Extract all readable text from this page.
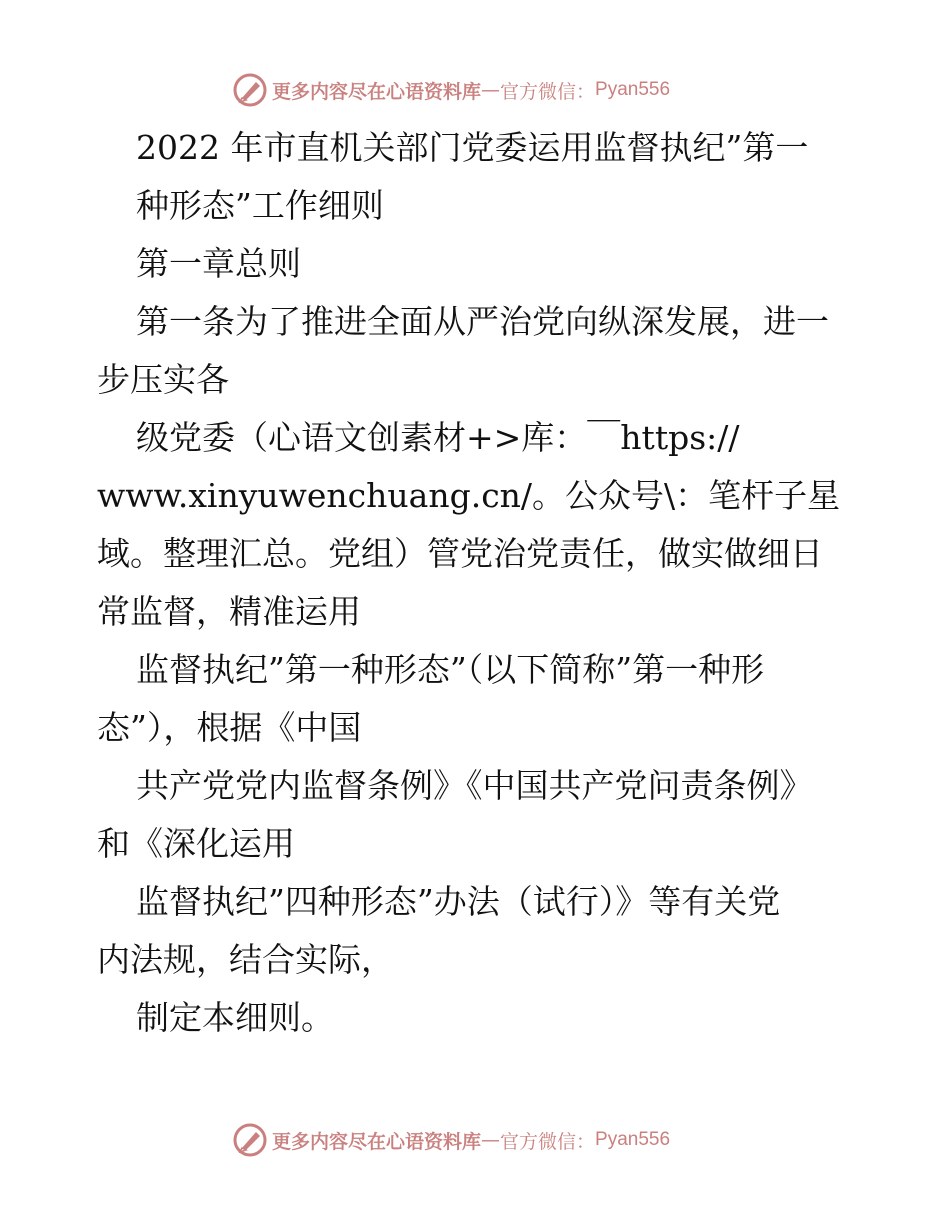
更多内容尽在心语资料库 — 官方微信： Pyan556
2022 年市直机关部门党委运用监督执纪”第一
种形态”工作细则
第一章总则
第一条为了推进全面从严治党向纵深发展，进一
步压实各
级党委（心语文创素材+>库：￣https://
www.xinyuwenchuang.cn/。公众号\：笔杆子星
域。整理汇总。党组）管党治党责任，做实做细日
常监督，精准运用
监督执纪”第一种形态”（以下简称”第一种形
态”），根据《中国
共产党党内监督条例》《中国共产党问责条例》
和《深化运用
监督执纪”四种形态”办法（试行）》等有关党
内法规，结合实际，
制定本细则。
更多内容尽在心语资料库 — 官方微信： Pyan556
